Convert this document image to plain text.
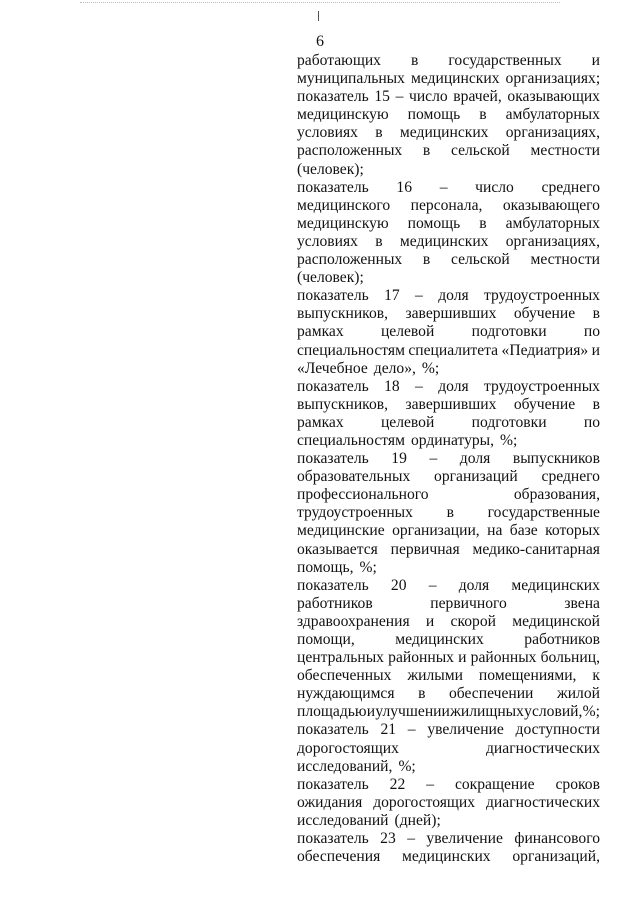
6
работающих в государственных и
муниципальных медицинских организациях;
показатель 15 – число врачей, оказывающих
медицинскую помощь в амбулаторных
условиях в медицинских организациях,
расположенных в сельской местности
(человек);
показатель 16 – число среднего
медицинского персонала, оказывающего
медицинскую помощь в амбулаторных
условиях в медицинских организациях,
расположенных в сельской местности
(человек);
показатель 17 – доля трудоустроенных
выпускников, завершивших обучение в
рамках целевой подготовки по
специальностям специалитета «Педиатрия» и
«Лечебное дело», %;
показатель 18 – доля трудоустроенных
выпускников, завершивших обучение в
рамках целевой подготовки по
специальностям ординатуры, %;
показатель 19 – доля выпускников
образовательных организаций среднего
профессионального	образования,
трудоустроенных в государственные
медицинские организации, на базе которых
оказывается первичная медико-санитарная
помощь, %;
показатель 20 – доля медицинских
работников	первичного	звена
здравоохранения и скорой медицинской
помощи,	медицинских	работников
центральных районных и районных больниц,
обеспеченных жилыми помещениями, к
нуждающимся в обеспечении жилой
площадью и улучшении жилищных условий, %;
показатель 21 – увеличение доступности
дорогостоящих	диагностических
исследований, %;
показатель 22 – сокращение сроков
ожидания дорогостоящих диагностических
исследований (дней);
показатель 23 – увеличение финансового
обеспечения медицинских организаций,
